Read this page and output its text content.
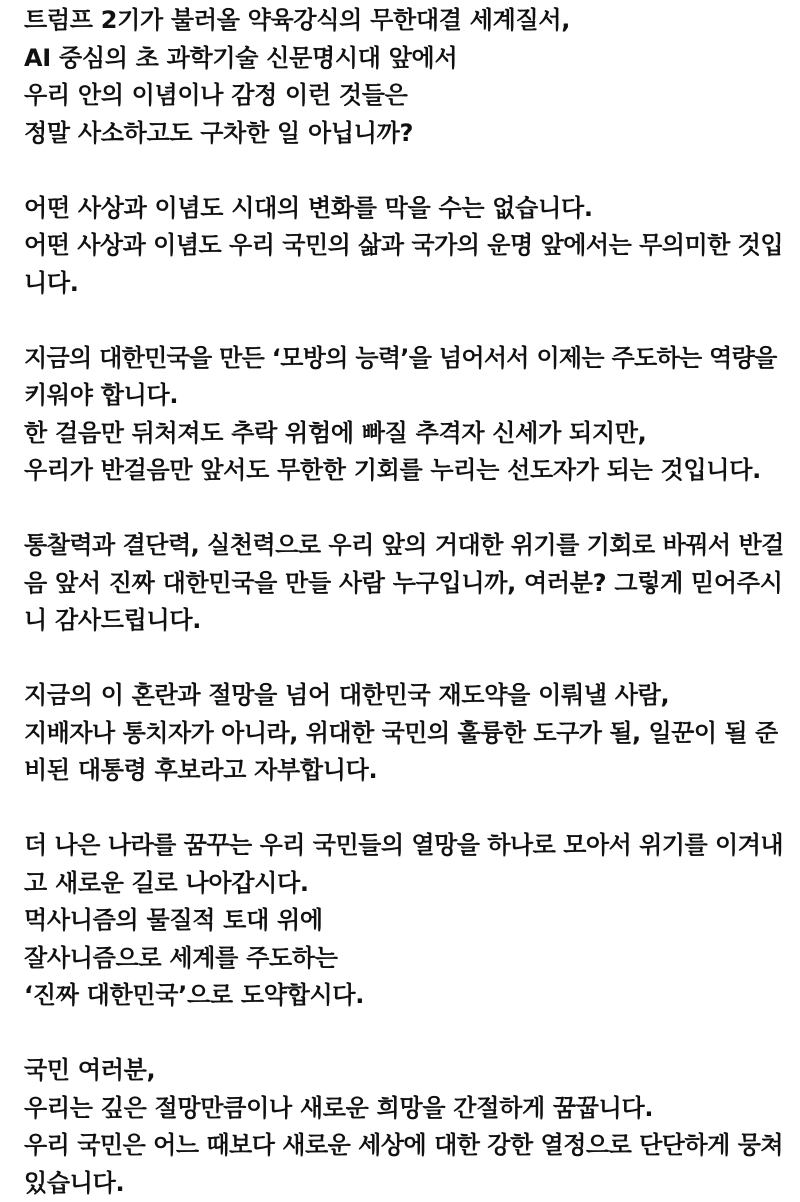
트럼프 2기가 불러올 약육강식의 무한대결 세계질서,
AI 중심의 초 과학기술 신문명시대 앞에서
우리 안의 이념이나 감정 이런 것들은
정말 사소하고도 구차한 일 아닙니까?
어떤 사상과 이념도 시대의 변화를 막을 수는 없습니다.
어떤 사상과 이념도 우리 국민의 삶과 국가의 운명 앞에서는 무의미한 것입
니다.
지금의 대한민국을 만든 ‘모방의 능력’을 넘어서서 이제는 주도하는 역량을
키워야 합니다.
한 걸음만 뒤처져도 추락 위험에 빠질 추격자 신세가 되지만,
우리가 반걸음만 앞서도 무한한 기회를 누리는 선도자가 되는 것입니다.
통찰력과 결단력, 실천력으로 우리 앞의 거대한 위기를 기회로 바꿔서 반걸
음 앞서 진짜 대한민국을 만들 사람 누구입니까, 여러분? 그렇게 믿어주시
니 감사드립니다.
지금의 이 혼란과 절망을 넘어 대한민국 재도약을 이뤄낼 사람,
지배자나 통치자가 아니라, 위대한 국민의 훌륭한 도구가 될, 일꾼이 될 준
비된 대통령 후보라고 자부합니다.
더 나은 나라를 꿈꾸는 우리 국민들의 열망을 하나로 모아서 위기를 이겨내
고 새로운 길로 나아갑시다.
먹사니즘의 물질적 토대 위에
잘사니즘으로 세계를 주도하는
‘진짜 대한민국’으로 도약합시다.
국민 여러분,
우리는 깊은 절망만큼이나 새로운 희망을 간절하게 꿈꿉니다.
우리 국민은 어느 때보다 새로운 세상에 대한 강한 열정으로 단단하게 뭉쳐
있습니다.
